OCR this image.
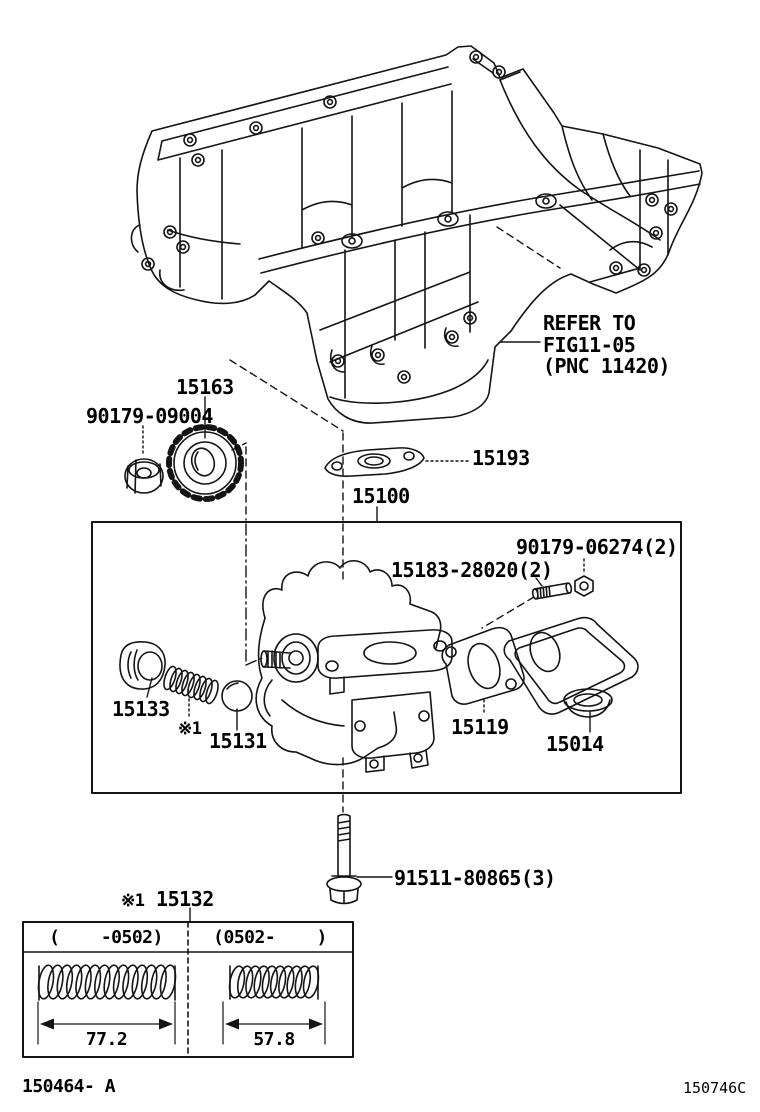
REFER TO
FIG11-05
(PNC 11420)
15163
90179-09004
15193
15100
90179-06274(2)
15183-28020(2)
15133
※1 15131
15119
15014
91511-80865(3)
※1 15132
(    -0502)	(0502-    )
77.2	57.8
150464- A	150746C
